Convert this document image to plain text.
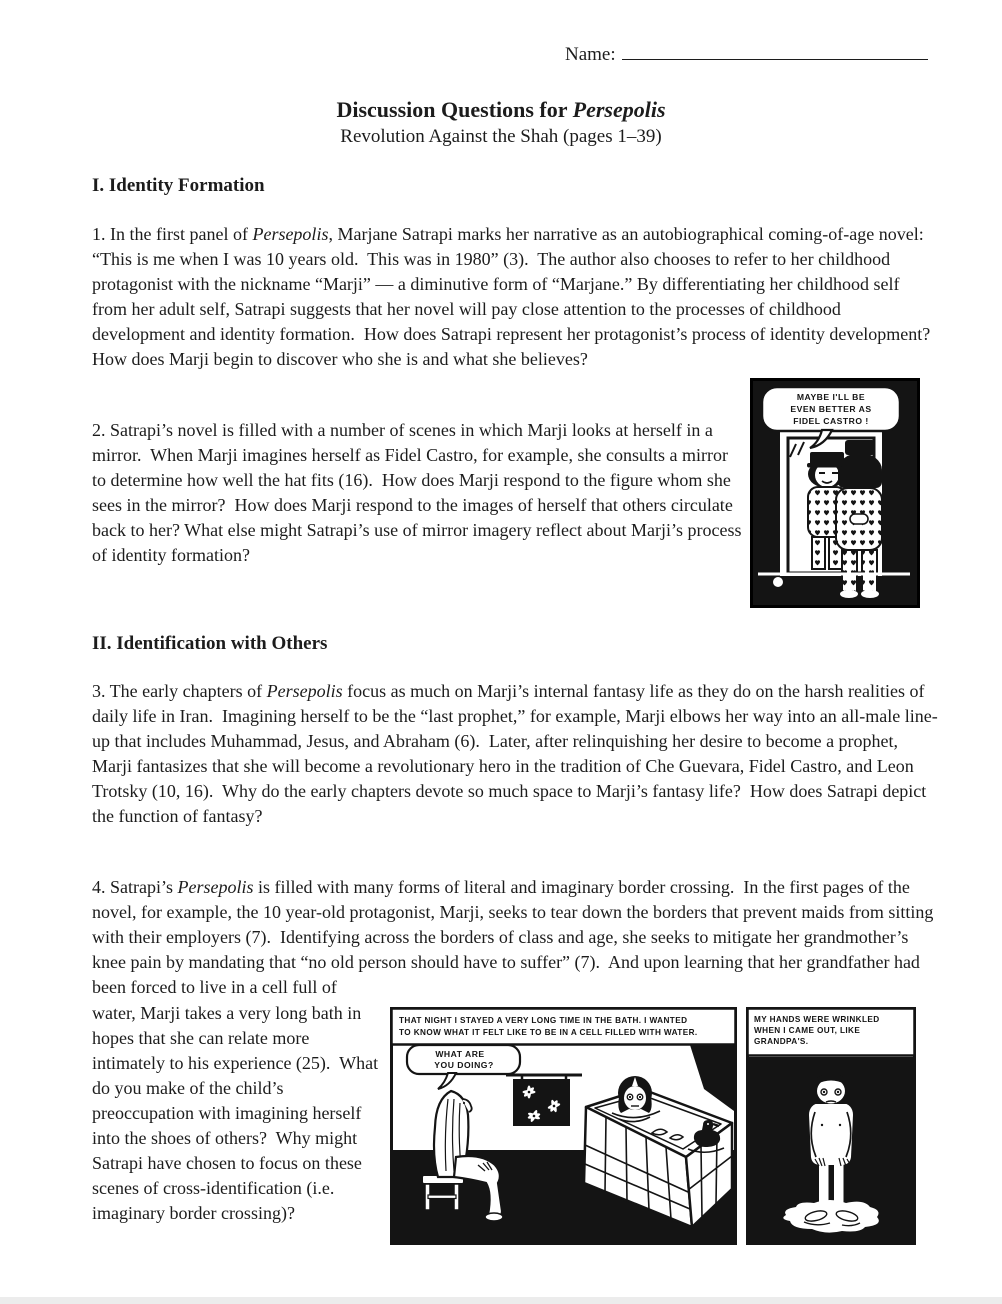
Name:
Discussion Questions for Persepolis
Revolution Against the Shah (pages 1–39)
I. Identity Formation
1. In the first panel of Persepolis, Marjane Satrapi marks her narrative as an autobiographical coming-of-age novel: “This is me when I was 10 years old.  This was in 1980” (3).  The author also chooses to refer to her childhood protagonist with the nickname “Marji” — a diminutive form of “Marjane.” By differentiating her childhood self from her adult self, Satrapi suggests that her novel will pay close attention to the processes of childhood development and identity formation.  How does Satrapi represent her protagonist’s process of identity development?  How does Marji begin to discover who she is and what she believes?
2. Satrapi’s novel is filled with a number of scenes in which Marji looks at herself in a mirror.  When Marji imagines herself as Fidel Castro, for example, she consults a mirror to determine how well the hat fits (16).  How does Marji respond to the figure whom she sees in the mirror?  How does Marji respond to the images of herself that others circulate back to her? What else might Satrapi’s use of mirror imagery reflect about Marji’s process of identity formation?
MAYBE I'LL BE
EVEN BETTER AS
FIDEL CASTRO !
II. Identification with Others
3. The early chapters of Persepolis focus as much on Marji’s internal fantasy life as they do on the harsh realities of daily life in Iran.  Imagining herself to be the “last prophet,” for example, Marji elbows her way into an all-male line-up that includes Muhammad, Jesus, and Abraham (6).  Later, after relinquishing her desire to become a prophet, Marji fantasizes that she will become a revolutionary hero in the tradition of Che Guevara, Fidel Castro, and Leon Trotsky (10, 16).  Why do the early chapters devote so much space to Marji’s fantasy life?  How does Satrapi depict the function of fantasy?
4. Satrapi’s Persepolis is filled with many forms of literal and imaginary border crossing.  In the first pages of the novel, for example, the 10 year-old protagonist, Marji, seeks to tear down the borders that prevent maids from sitting with their employers (7).  Identifying across the borders of class and age, she seeks to mitigate her grandmother’s knee pain by mandating that “no old person should have to suffer” (7).  And upon learning that her grandfather had been forced to live in a cell full of
water, Marji takes a very long bath in hopes that she can relate more intimately to his experience (25).  What do you make of the child’s preoccupation with imagining herself into the shoes of others?  Why might Satrapi have chosen to focus on these scenes of cross-identification (i.e. imaginary border crossing)?
THAT NIGHT I STAYED A VERY LONG TIME IN THE BATH. I WANTED
TO KNOW WHAT IT FELT LIKE TO BE IN A CELL FILLED WITH WATER.
WHAT ARE
YOU DOING?
MY HANDS WERE WRINKLED
WHEN I CAME OUT, LIKE
GRANDPA'S.
